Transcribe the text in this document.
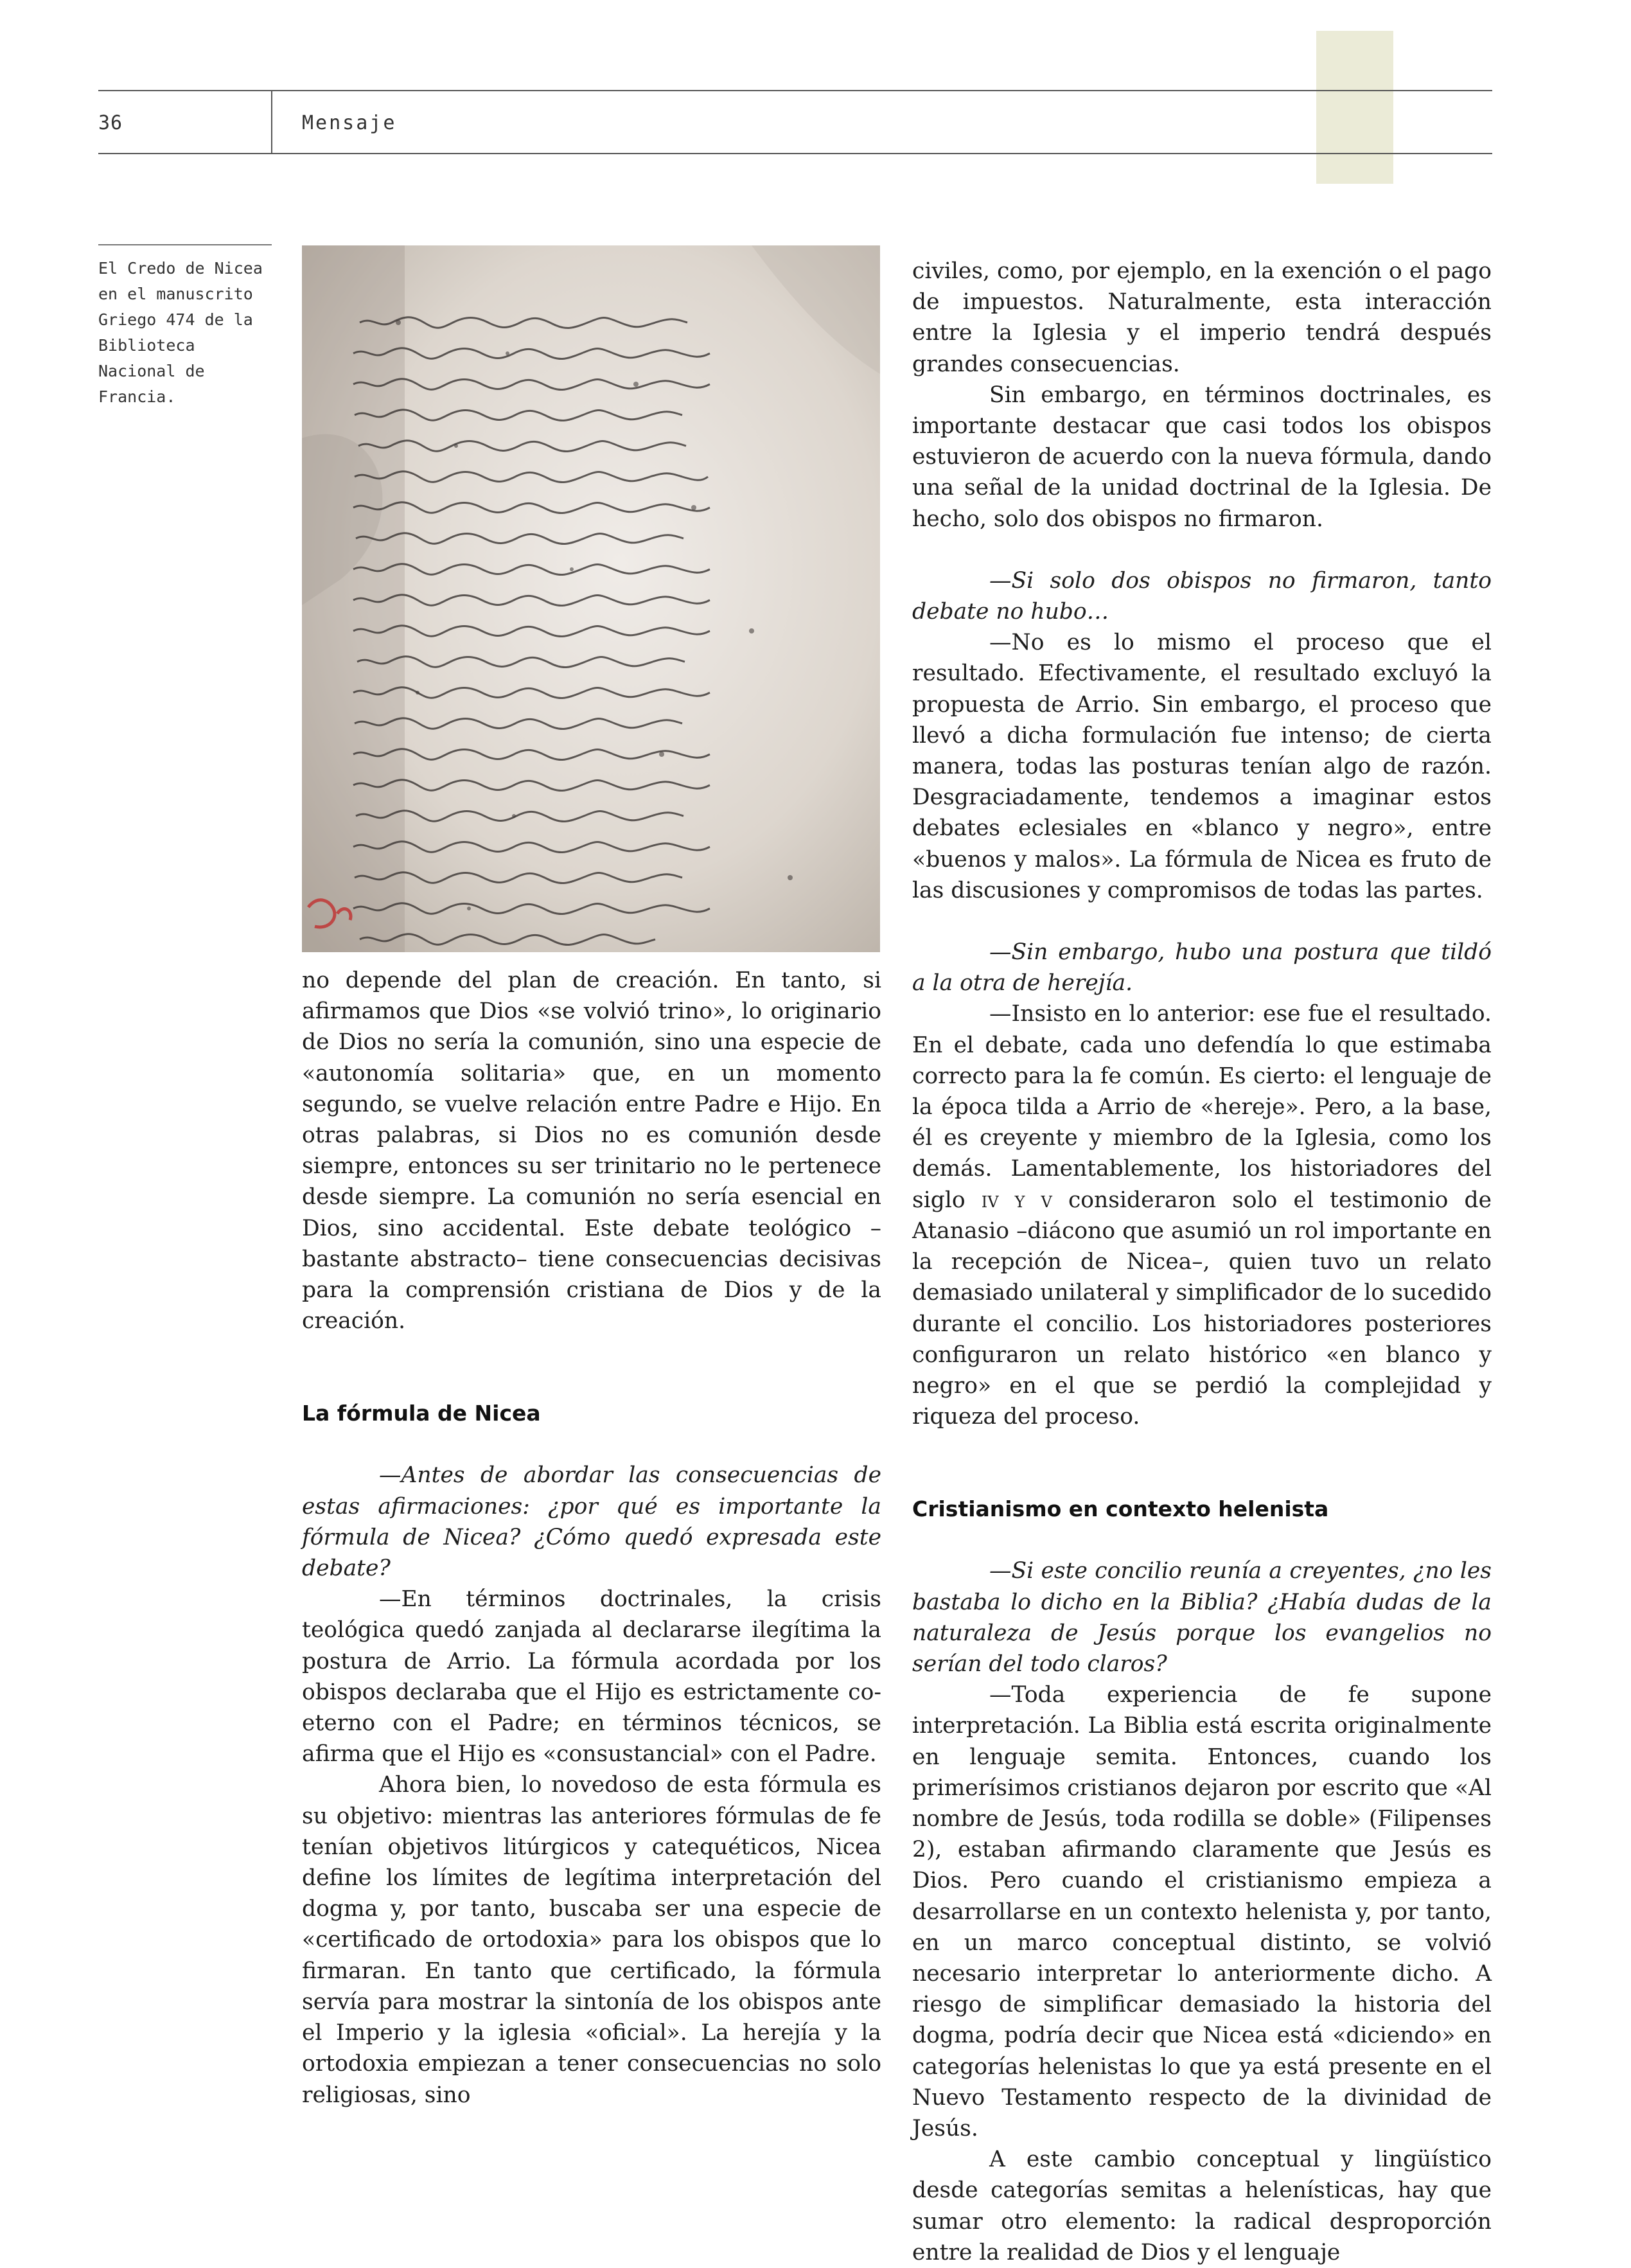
36	Mensaje
El Credo de Nicea en el manuscrito Griego 474 de la Biblioteca Nacional de Francia.

no depende del plan de creación. En tanto, si afirmamos que Dios «se volvió trino», lo originario de Dios no sería la comunión, sino una especie de «autonomía solitaria» que, en un momento segundo, se vuelve relación entre Padre e Hijo. En otras palabras, si Dios no es comunión desde siempre, entonces su ser trinitario no le pertenece desde siempre. La comunión no sería esencial en Dios, sino accidental. Este debate teológico –bastante abstracto– tiene consecuencias decisivas para la comprensión cristiana de Dios y de la creación.

La fórmula de Nicea

—Antes de abordar las consecuencias de estas afirmaciones: ¿por qué es importante la fórmula de Nicea? ¿Cómo quedó expresada este debate?

—En términos doctrinales, la crisis teológica quedó zanjada al declararse ilegítima la postura de Arrio. La fórmula acordada por los obispos declaraba que el Hijo es estrictamente co-eterno con el Padre; en términos técnicos, se afirma que el Hijo es «consustancial» con el Padre.

Ahora bien, lo novedoso de esta fórmula es su objetivo: mientras las anteriores fórmulas de fe tenían objetivos litúrgicos y catequéticos, Nicea define los límites de legítima interpretación del dogma y, por tanto, buscaba ser una especie de «certificado de ortodoxia» para los obispos que lo firmaran. En tanto que certificado, la fórmula servía para mostrar la sintonía de los obispos ante el Imperio y la iglesia «oficial». La herejía y la ortodoxia empiezan a tener consecuencias no solo religiosas, sino

civiles, como, por ejemplo, en la exención o el pago de impuestos. Naturalmente, esta interacción entre la Iglesia y el imperio tendrá después grandes consecuencias.

Sin embargo, en términos doctrinales, es importante destacar que casi todos los obispos estuvieron de acuerdo con la nueva fórmula, dando una señal de la unidad doctrinal de la Iglesia. De hecho, solo dos obispos no firmaron.

—Si solo dos obispos no firmaron, tanto debate no hubo…

—No es lo mismo el proceso que el resultado. Efectivamente, el resultado excluyó la propuesta de Arrio. Sin embargo, el proceso que llevó a dicha formulación fue intenso; de cierta manera, todas las posturas tenían algo de razón. Desgraciadamente, tendemos a imaginar estos debates eclesiales en «blanco y negro», entre «buenos y malos». La fórmula de Nicea es fruto de las discusiones y compromisos de todas las partes.

—Sin embargo, hubo una postura que tildó a la otra de herejía.

—Insisto en lo anterior: ese fue el resultado. En el debate, cada uno defendía lo que estimaba correcto para la fe común. Es cierto: el lenguaje de la época tilda a Arrio de «hereje». Pero, a la base, él es creyente y miembro de la Iglesia, como los demás. Lamentablemente, los historiadores del siglo iv y v consideraron solo el testimonio de Atanasio –diácono que asumió un rol importante en la recepción de Nicea–, quien tuvo un relato demasiado unilateral y simplificador de lo sucedido durante el concilio. Los historiadores posteriores configuraron un relato histórico «en blanco y negro» en el que se perdió la complejidad y riqueza del proceso.

Cristianismo en contexto helenista

—Si este concilio reunía a creyentes, ¿no les bastaba lo dicho en la Biblia? ¿Había dudas de la naturaleza de Jesús porque los evangelios no serían del todo claros?

—Toda experiencia de fe supone interpretación. La Biblia está escrita originalmente en lenguaje semita. Entonces, cuando los primerísimos cristianos dejaron por escrito que «Al nombre de Jesús, toda rodilla se doble» (Filipenses 2), estaban afirmando claramente que Jesús es Dios. Pero cuando el cristianismo empieza a desarrollarse en un contexto helenista y, por tanto, en un marco conceptual distinto, se volvió necesario interpretar lo anteriormente dicho. A riesgo de simplificar demasiado la historia del dogma, podría decir que Nicea está «diciendo» en categorías helenistas lo que ya está presente en el Nuevo Testamento respecto de la divinidad de Jesús.

A este cambio conceptual y lingüístico desde categorías semitas a helenísticas, hay que sumar otro elemento: la radical desproporción entre la realidad de Dios y el lenguaje
